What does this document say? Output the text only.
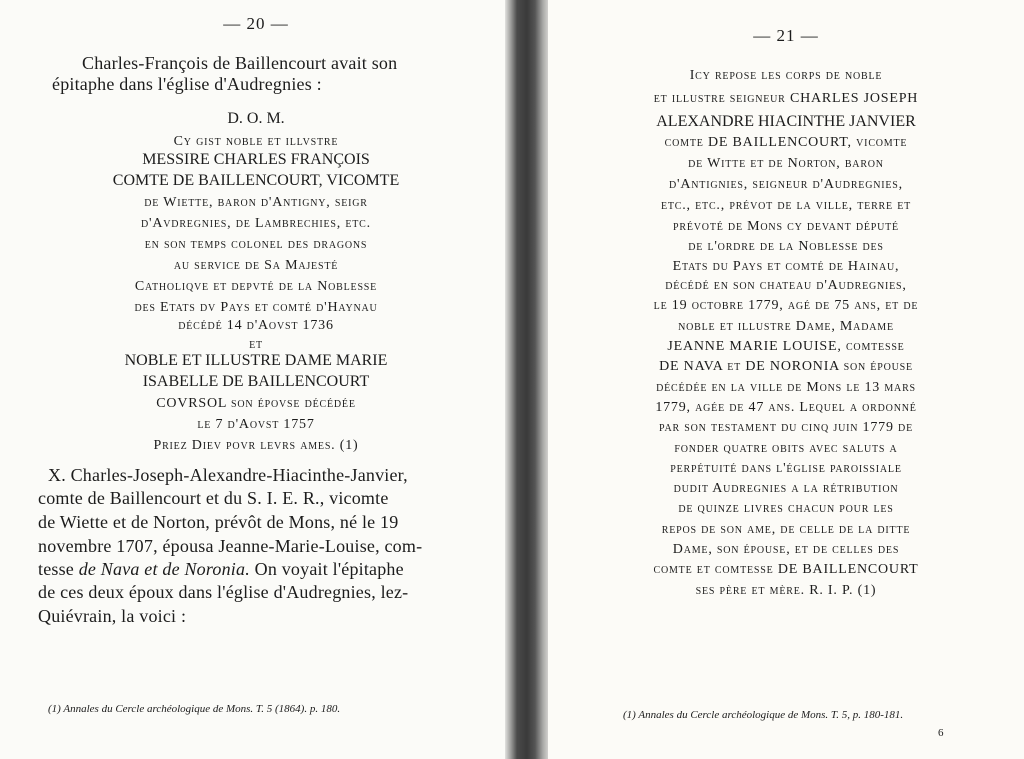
— 20 —
Charles-François de Baillencourt avait son
épitaphe dans l'église d'Audregnies :
D. O. M.
Cy gist noble et illvstre
MESSIRE CHARLES FRANÇOIS
COMTE DE BAILLENCOURT, VICOMTE
de Wiette, baron d'Antigny, seigr
d'Avdregnies, de Lambrechies, etc.
en son temps colonel des dragons
au service de Sa Majesté
Catholiqve et depvté de la Noblesse
des Etats dv Pays et comté d'Haynau
décédé 14 d'Aovst 1736
et
NOBLE ET ILLUSTRE DAME MARIE
ISABELLE DE BAILLENCOURT
COVRSOL son épovse décédée
le 7 d'Aovst 1757
Priez Diev povr levrs ames. (1)
X. Charles-Joseph-Alexandre-Hiacinthe-Janvier,
comte de Baillencourt et du S. I. E. R., vicomte
de Wiette et de Norton, prévôt de Mons, né le 19
novembre 1707, épousa Jeanne-Marie-Louise, com-
tesse de Nava et de Noronia. On voyait l'épitaphe
de ces deux époux dans l'église d'Audregnies, lez-
Quiévrain, la voici :
(1) Annales du Cercle archéologique de Mons. T. 5 (1864). p. 180.
— 21 —
Icy repose les corps de noble
et illustre seigneur CHARLES JOSEPH
ALEXANDRE HIACINTHE JANVIER
comte DE BAILLENCOURT, vicomte
de Witte et de Norton, baron
d'Antignies, seigneur d'Audregnies,
etc., etc., prévot de la ville, terre et
prévoté de Mons cy devant député
de l'ordre de la Noblesse des
Etats du Pays et comté de Hainau,
décédé en son chateau d'Audregnies,
le 19 octobre 1779, agé de 75 ans, et de
noble et illustre Dame, Madame
JEANNE MARIE LOUISE, comtesse
DE NAVA et DE NORONIA son épouse
décédée en la ville de Mons le 13 mars
1779, agée de 47 ans. Lequel a ordonné
par son testament du cinq juin 1779 de
fonder quatre obits avec saluts a
perpétuité dans l'église paroissiale
dudit Audregnies a la rétribution
de quinze livres chacun pour les
repos de son ame, de celle de la ditte
Dame, son épouse, et de celles des
comte et comtesse DE BAILLENCOURT
ses père et mère. R. I. P. (1)
(1) Annales du Cercle archéologique de Mons. T. 5, p. 180-181.
6
